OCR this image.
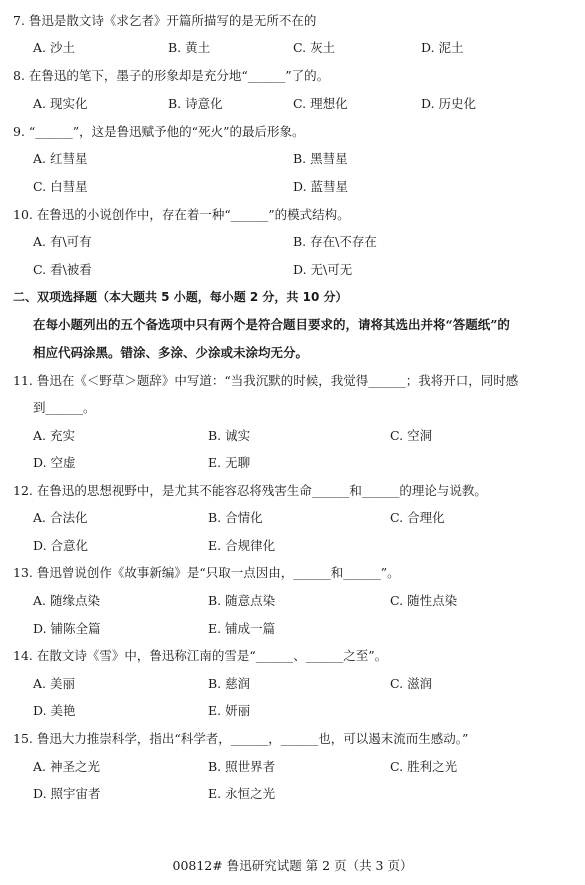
7. 鲁迅是散文诗《求乞者》开篇所描写的是无所不在的
A. 沙土	B. 黄土	C. 灰土	D. 泥土
8. 在鲁迅的笔下，墨子的形象却是充分地“______”了的。
A. 现实化	B. 诗意化	C. 理想化	D. 历史化
9. “______”，这是鲁迅赋予他的“死火”的最后形象。
A. 红彗星	B. 黑彗星
C. 白彗星	D. 蓝彗星
10. 在鲁迅的小说创作中，存在着一种“______”的模式结构。
A. 有\可有	B. 存在\不存在
C. 看\被看	D. 无\可无
二、双项选择题（本大题共 5 小题，每小题 2 分，共 10 分）
在每小题列出的五个备选项中只有两个是符合题目要求的，请将其选出并将“答题纸”的
相应代码涂黑。错涂、多涂、少涂或未涂均无分。
11. 鲁迅在《＜野草＞题辞》中写道：“当我沉默的时候，我觉得______；我将开口，同时感
到______。
A. 充实	B. 诚实	C. 空洞
D. 空虚	E. 无聊
12. 在鲁迅的思想视野中，是尤其不能容忍将残害生命______和______的理论与说教。
A. 合法化	B. 合情化	C. 合理化
D. 合意化	E. 合规律化
13. 鲁迅曾说创作《故事新编》是“只取一点因由，______和______”。
A. 随缘点染	B. 随意点染	C. 随性点染
D. 铺陈全篇	E. 铺成一篇
14. 在散文诗《雪》中，鲁迅称江南的雪是“______、______之至”。
A. 美丽	B. 慈润	C. 滋润
D. 美艳	E. 妍丽
15. 鲁迅大力推崇科学，指出“科学者，______，______也，可以遏末流而生感动。”
A. 神圣之光	B. 照世界者	C. 胜利之光
D. 照宇宙者	E. 永恒之光
00812# 鲁迅研究试题 第 2 页（共 3 页）
